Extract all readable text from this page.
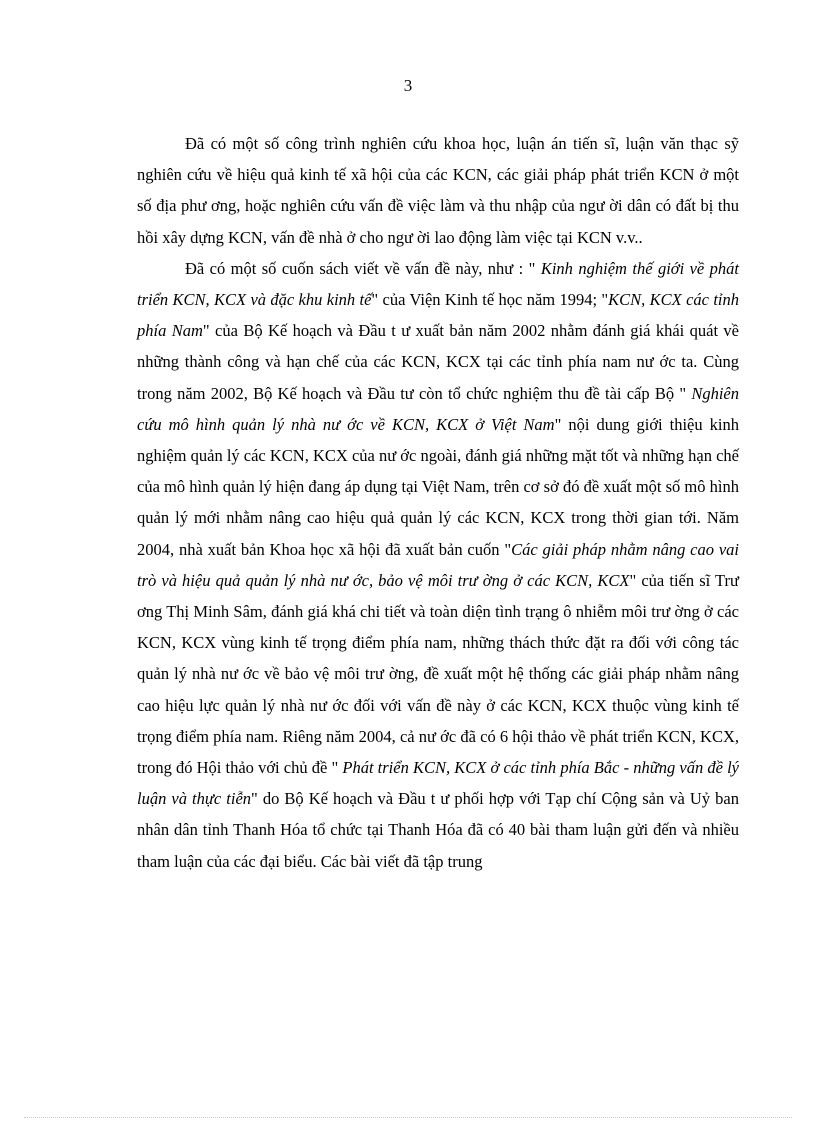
3

Đã có một số công trình nghiên cứu khoa học, luận án tiến sĩ, luận văn thạc sỹ nghiên cứu về hiệu quả kinh tế xã hội của các KCN, các giải pháp phát triển KCN ở một số địa phư ơng, hoặc nghiên cứu vấn đề việc làm và thu nhập của ngư ời dân có đất bị thu hồi xây dựng KCN, vấn đề nhà ở cho ngư ời lao động làm việc tại KCN v.v..

Đã có một số cuốn sách viết về vấn đề này, như : " Kinh nghiệm thế giới về phát triển KCN, KCX và đặc khu kinh tế" của Viện Kinh tế học năm 1994; "KCN, KCX các tỉnh phía Nam" của Bộ Kế hoạch và Đầu t ư xuất bản năm 2002 nhằm đánh giá khái quát về những thành công và hạn chế của các KCN, KCX tại các tỉnh phía nam nư ớc ta. Cùng trong năm 2002, Bộ Kế hoạch và Đầu tư còn tổ chức nghiệm thu đề tài cấp Bộ " Nghiên cứu mô hình quản lý nhà nư ớc về KCN, KCX ở Việt Nam" nội dung giới thiệu kinh nghiệm quản lý các KCN, KCX của nư ớc ngoài, đánh giá những mặt tốt và những hạn chế của mô hình quản lý hiện đang áp dụng tại Việt Nam, trên cơ sở đó đề xuất một số mô hình quản lý mới nhằm nâng cao hiệu quả quản lý các KCN, KCX trong thời gian tới. Năm 2004, nhà xuất bản Khoa học xã hội đã xuất bản cuốn "Các giải pháp nhằm nâng cao vai trò và hiệu quả quản lý nhà nư ớc, bảo vệ môi trư ờng ở các KCN, KCX" của tiến sĩ Trư ơng Thị Minh Sâm, đánh giá khá chi tiết và toàn diện tình trạng ô nhiễm môi trư ờng ở các KCN, KCX vùng kinh tế trọng điểm phía nam, những thách thức đặt ra đối với công tác quản lý nhà nư ớc về bảo vệ môi trư ờng, đề xuất một hệ thống các giải pháp nhằm nâng cao hiệu lực quản lý nhà nư ớc đối với vấn đề này ở các KCN, KCX thuộc vùng kinh tế trọng điểm phía nam. Riêng năm 2004, cả nư ớc đã có 6 hội thảo về phát triển KCN, KCX, trong đó Hội thảo với chủ đề " Phát triển KCN, KCX ở các tỉnh phía Bắc - những vấn đề lý luận và thực tiễn" do Bộ Kế hoạch và Đầu t ư phối hợp với Tạp chí Cộng sản và Uỷ ban nhân dân tỉnh Thanh Hóa tổ chức tại Thanh Hóa đã có 40 bài tham luận gửi đến và nhiều tham luận của các đại biểu. Các bài viết đã tập trung
